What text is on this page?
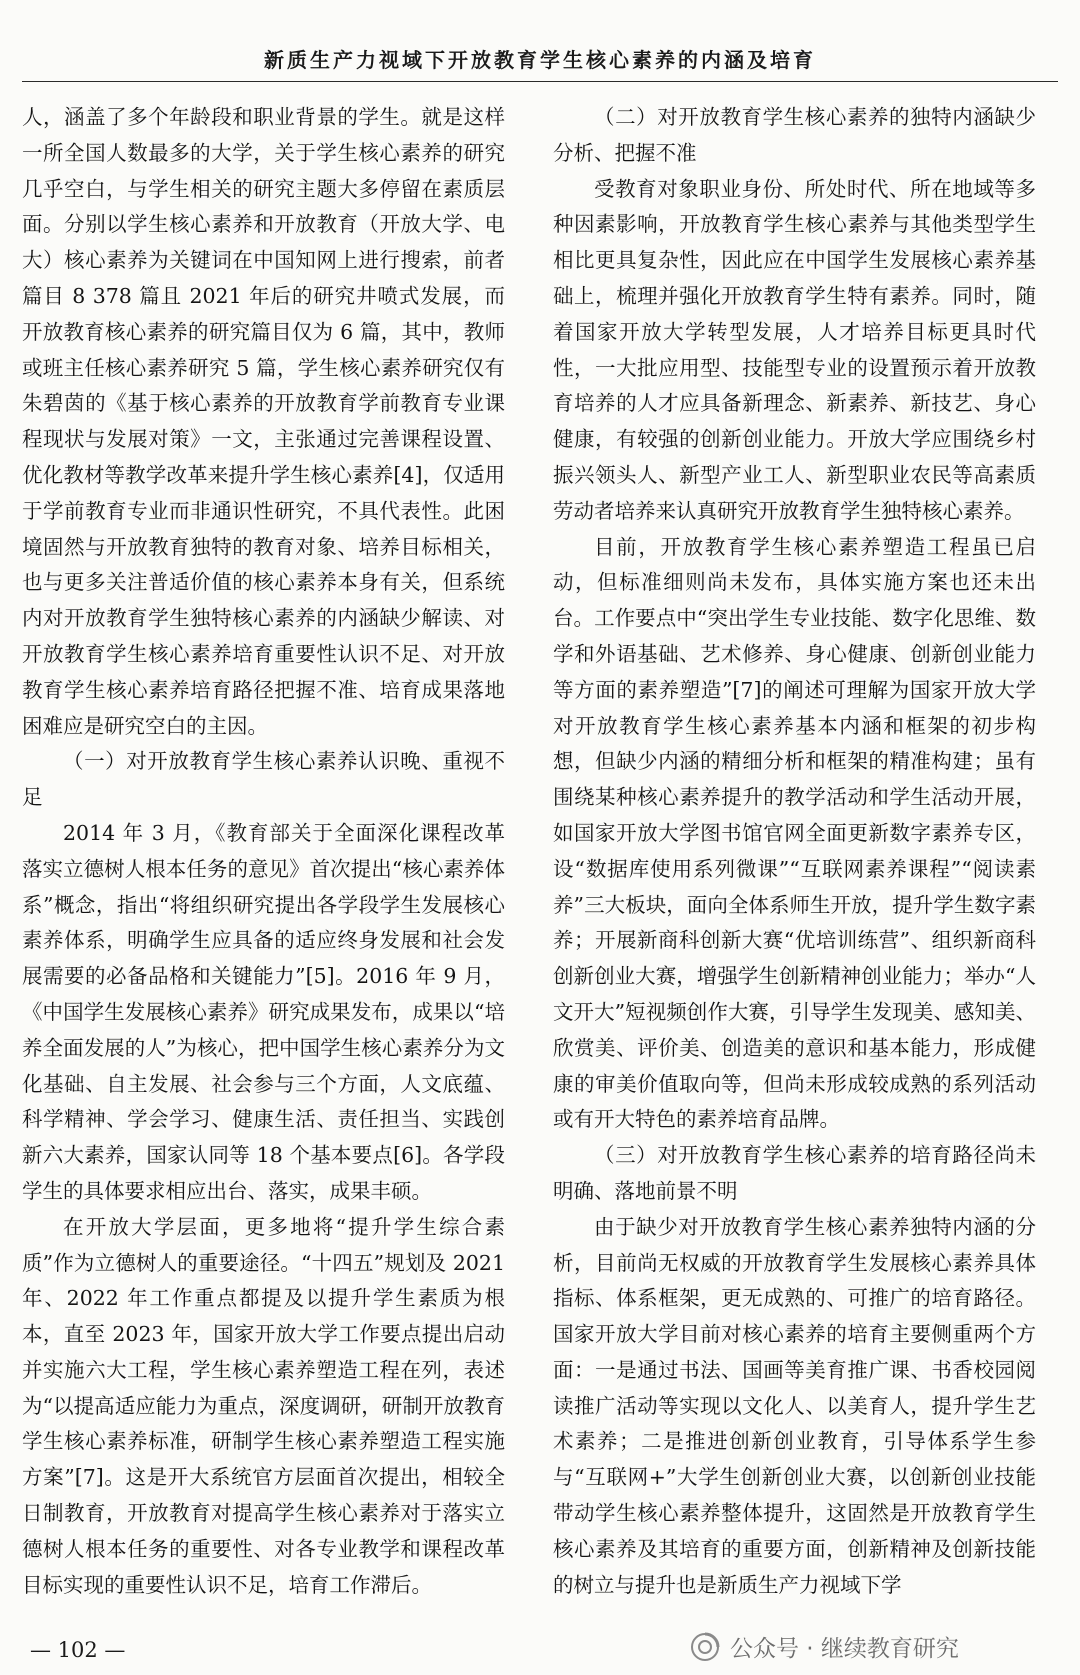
新质生产力视域下开放教育学生核心素养的内涵及培育

人，涵盖了多个年龄段和职业背景的学生。就是这样一所全国人数最多的大学，关于学生核心素养的研究几乎空白，与学生相关的研究主题大多停留在素质层面。分别以学生核心素养和开放教育（开放大学、电大）核心素养为关键词在中国知网上进行搜索，前者篇目 8 378 篇且 2021 年后的研究井喷式发展，而开放教育核心素养的研究篇目仅为 6 篇，其中，教师或班主任核心素养研究 5 篇，学生核心素养研究仅有朱碧茵的《基于核心素养的开放教育学前教育专业课程现状与发展对策》一文，主张通过完善课程设置、优化教材等教学改革来提升学生核心素养[4]，仅适用于学前教育专业而非通识性研究，不具代表性。此困境固然与开放教育独特的教育对象、培养目标相关，也与更多关注普适价值的核心素养本身有关，但系统内对开放教育学生独特核心素养的内涵缺少解读、对开放教育学生核心素养培育重要性认识不足、对开放教育学生核心素养培育路径把握不准、培育成果落地困难应是研究空白的主因。

（一）对开放教育学生核心素养认识晚、重视不足

2014 年 3 月，《教育部关于全面深化课程改革落实立德树人根本任务的意见》首次提出“核心素养体系”概念，指出“将组织研究提出各学段学生发展核心素养体系，明确学生应具备的适应终身发展和社会发展需要的必备品格和关键能力”[5]。2016 年 9 月，《中国学生发展核心素养》研究成果发布，成果以“培养全面发展的人”为核心，把中国学生核心素养分为文化基础、自主发展、社会参与三个方面，人文底蕴、科学精神、学会学习、健康生活、责任担当、实践创新六大素养，国家认同等 18 个基本要点[6]。各学段学生的具体要求相应出台、落实，成果丰硕。

在开放大学层面，更多地将“提升学生综合素质”作为立德树人的重要途径。“十四五”规划及 2021 年、2022 年工作重点都提及以提升学生素质为根本，直至 2023 年，国家开放大学工作要点提出启动并实施六大工程，学生核心素养塑造工程在列，表述为“以提高适应能力为重点，深度调研，研制开放教育学生核心素养标准，研制学生核心素养塑造工程实施方案”[7]。这是开大系统官方层面首次提出，相较全日制教育，开放教育对提高学生核心素养对于落实立德树人根本任务的重要性、对各专业教学和课程改革目标实现的重要性认识不足，培育工作滞后。

（二）对开放教育学生核心素养的独特内涵缺少分析、把握不准

受教育对象职业身份、所处时代、所在地域等多种因素影响，开放教育学生核心素养与其他类型学生相比更具复杂性，因此应在中国学生发展核心素养基础上，梳理并强化开放教育学生特有素养。同时，随着国家开放大学转型发展，人才培养目标更具时代性，一大批应用型、技能型专业的设置预示着开放教育培养的人才应具备新理念、新素养、新技艺、身心健康，有较强的创新创业能力。开放大学应围绕乡村振兴领头人、新型产业工人、新型职业农民等高素质劳动者培养来认真研究开放教育学生独特核心素养。

目前，开放教育学生核心素养塑造工程虽已启动，但标准细则尚未发布，具体实施方案也还未出台。工作要点中“突出学生专业技能、数字化思维、数学和外语基础、艺术修养、身心健康、创新创业能力等方面的素养塑造”[7]的阐述可理解为国家开放大学对开放教育学生核心素养基本内涵和框架的初步构想，但缺少内涵的精细分析和框架的精准构建；虽有围绕某种核心素养提升的教学活动和学生活动开展，如国家开放大学图书馆官网全面更新数字素养专区，设“数据库使用系列微课”“互联网素养课程”“阅读素养”三大板块，面向全体系师生开放，提升学生数字素养；开展新商科创新大赛“优培训练营”、组织新商科创新创业大赛，增强学生创新精神创业能力；举办“人文开大”短视频创作大赛，引导学生发现美、感知美、欣赏美、评价美、创造美的意识和基本能力，形成健康的审美价值取向等，但尚未形成较成熟的系列活动或有开大特色的素养培育品牌。

（三）对开放教育学生核心素养的培育路径尚未明确、落地前景不明

由于缺少对开放教育学生核心素养独特内涵的分析，目前尚无权威的开放教育学生发展核心素养具体指标、体系框架，更无成熟的、可推广的培育路径。国家开放大学目前对核心素养的培育主要侧重两个方面：一是通过书法、国画等美育推广课、书香校园阅读推广活动等实现以文化人、以美育人，提升学生艺术素养；二是推进创新创业教育，引导体系学生参与“互联网+”大学生创新创业大赛，以创新创业技能带动学生核心素养整体提升，这固然是开放教育学生核心素养及其培育的重要方面，创新精神及创新技能的树立与提升也是新质生产力视域下学

— 102 —	公众号 · 继续教育研究
